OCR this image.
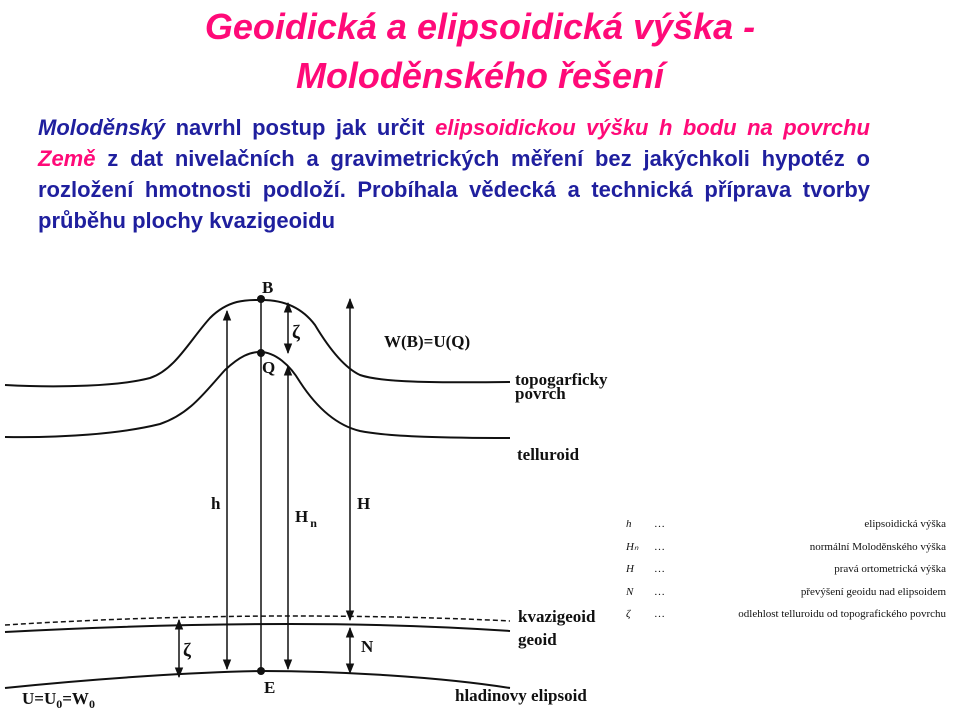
Geoidická a elipsoidická výška -
Moloděnského řešení
Moloděnský navrhl postup jak určit elipsoidickou výšku h bodu na povrchu Země z dat nivelačních a gravimetrických měření bez jakýchkoli hypotéz o rozložení hmotnosti podloží. Probíhala vědecká a technická příprava tvorby průběhu plochy kvazigeoidu
B
Q
E
ζ
ζ
h
H $_n$
H
N
W(B)=U(Q)
topogarficky
povrch
telluroid
kvazigeoid
geoid
hladinovy elipsoid
$U=U_0=W_0$
h	…	elipsoidická výška
Hₙ	…	normální Moloděnského výška
H	…	pravá ortometrická výška
N	…	převýšení geoidu nad elipsoidem
ζ	…	odlehlost telluroidu od topografického povrchu
